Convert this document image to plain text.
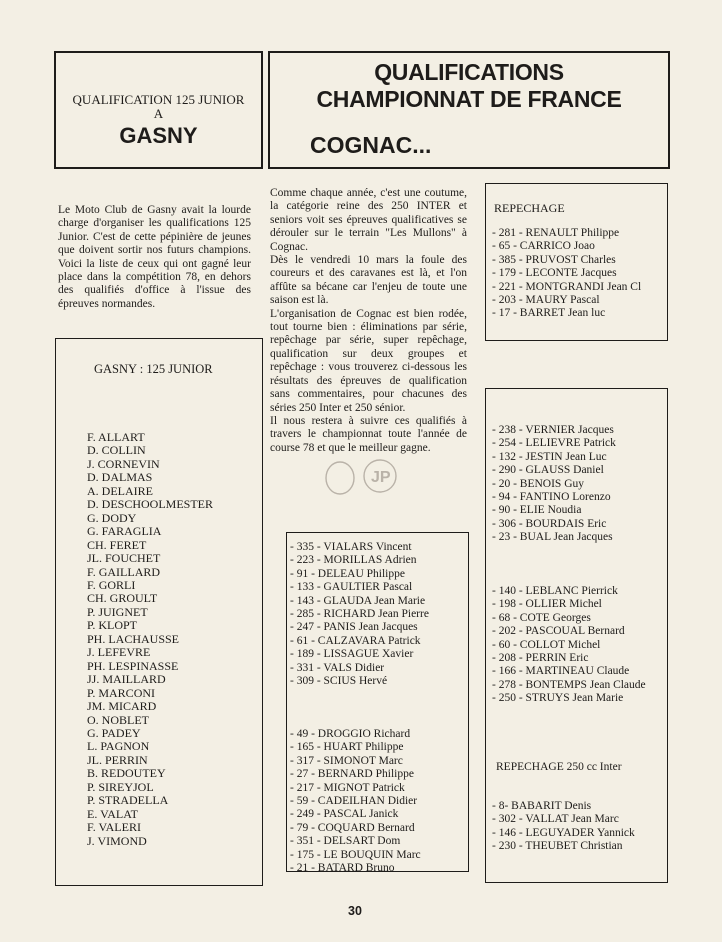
QUALIFICATION 125 JUNIOR
A
GASNY
QUALIFICATIONS
CHAMPIONNAT DE FRANCE
COGNAC...
Le Moto Club de Gasny avait la lourde charge d'organiser les qualifications 125 Junior. C'est de cette pépinière de jeunes que doivent sortir nos futurs champions. Voici la liste de ceux qui ont gagné leur place dans la compétition 78, en dehors des qualifiés d'office à l'issue des épreuves normandes.
Comme chaque année, c'est une coutume, la catégorie reine des 250 INTER et seniors voit ses épreuves qualificatives se dérouler sur le terrain "Les Mullons" à Cognac.
Dès le vendredi 10 mars la foule des coureurs et des caravanes est là, et l'on affûte sa bécane car l'enjeu de toute une saison est là.
L'organisation de Cognac est bien rodée, tout tourne bien : éliminations par série, repêchage par série, super repêchage, qualification sur deux groupes et repêchage : vous trouverez ci-dessous les résultats des épreuves de qualification sans commentaires, pour chacunes des séries 250 Inter et 250 sénior.
Il nous restera à suivre ces qualifiés à travers le championnat toute l'année de course 78 et que le meilleur gagne.
JP
GASNY : 125 JUNIOR
F. ALLART
D. COLLIN
J. CORNEVIN
D. DALMAS
A. DELAIRE
D. DESCHOOLMESTER
G. DODY
G. FARAGLIA
CH. FERET
JL. FOUCHET
F. GAILLARD
F. GORLI
CH. GROULT
P. JUIGNET
P. KLOPT
PH. LACHAUSSE
J. LEFEVRE
PH. LESPINASSE
JJ. MAILLARD
P. MARCONI
JM. MICARD
O. NOBLET
G. PADEY
L. PAGNON
JL. PERRIN
B. REDOUTEY
P. SIREYJOL
P. STRADELLA
E. VALAT
F. VALERI
J. VIMOND
REPECHAGE
- 281 - RENAULT Philippe
- 65 - CARRICO Joao
- 385 - PRUVOST Charles
- 179 - LECONTE Jacques
- 221 - MONTGRANDI Jean Cl
- 203 - MAURY Pascal
- 17 - BARRET Jean luc
- 335 - VIALARS Vincent
- 223 - MORILLAS Adrien
- 91 - DELEAU Philippe
- 133 - GAULTIER Pascal
- 143 - GLAUDA Jean Marie
- 285 - RICHARD Jean Pierre
- 247 - PANIS Jean Jacques
- 61 - CALZAVARA Patrick
- 189 - LISSAGUE Xavier
- 331 - VALS Didier
- 309 - SCIUS Hervé
- 49 - DROGGIO Richard
- 165 - HUART Philippe
- 317 - SIMONOT Marc
- 27 - BERNARD Philippe
- 217 - MIGNOT Patrick
- 59 - CADEILHAN Didier
- 249 - PASCAL Janick
- 79 - COQUARD Bernard
- 351 - DELSART Dom
- 175 - LE BOUQUIN Marc
- 21 - BATARD Bruno
- 238 - VERNIER Jacques
- 254 - LELIEVRE Patrick
- 132 - JESTIN Jean Luc
- 290 - GLAUSS Daniel
- 20 - BENOIS Guy
- 94 - FANTINO Lorenzo
- 90 - ELIE Noudia
- 306 - BOURDAIS Eric
- 23 - BUAL Jean Jacques
- 140 - LEBLANC Pierrick
- 198 - OLLIER Michel
- 68 - COTE Georges
- 202 - PASCOUAL Bernard
- 60 - COLLOT Michel
- 208 - PERRIN Eric
- 166 - MARTINEAU Claude
- 278 - BONTEMPS Jean Claude
- 250 - STRUYS Jean Marie
REPECHAGE 250 cc Inter
- 8- BABARIT Denis
- 302 - VALLAT Jean Marc
- 146 - LEGUYADER Yannick
- 230 - THEUBET Christian
30
